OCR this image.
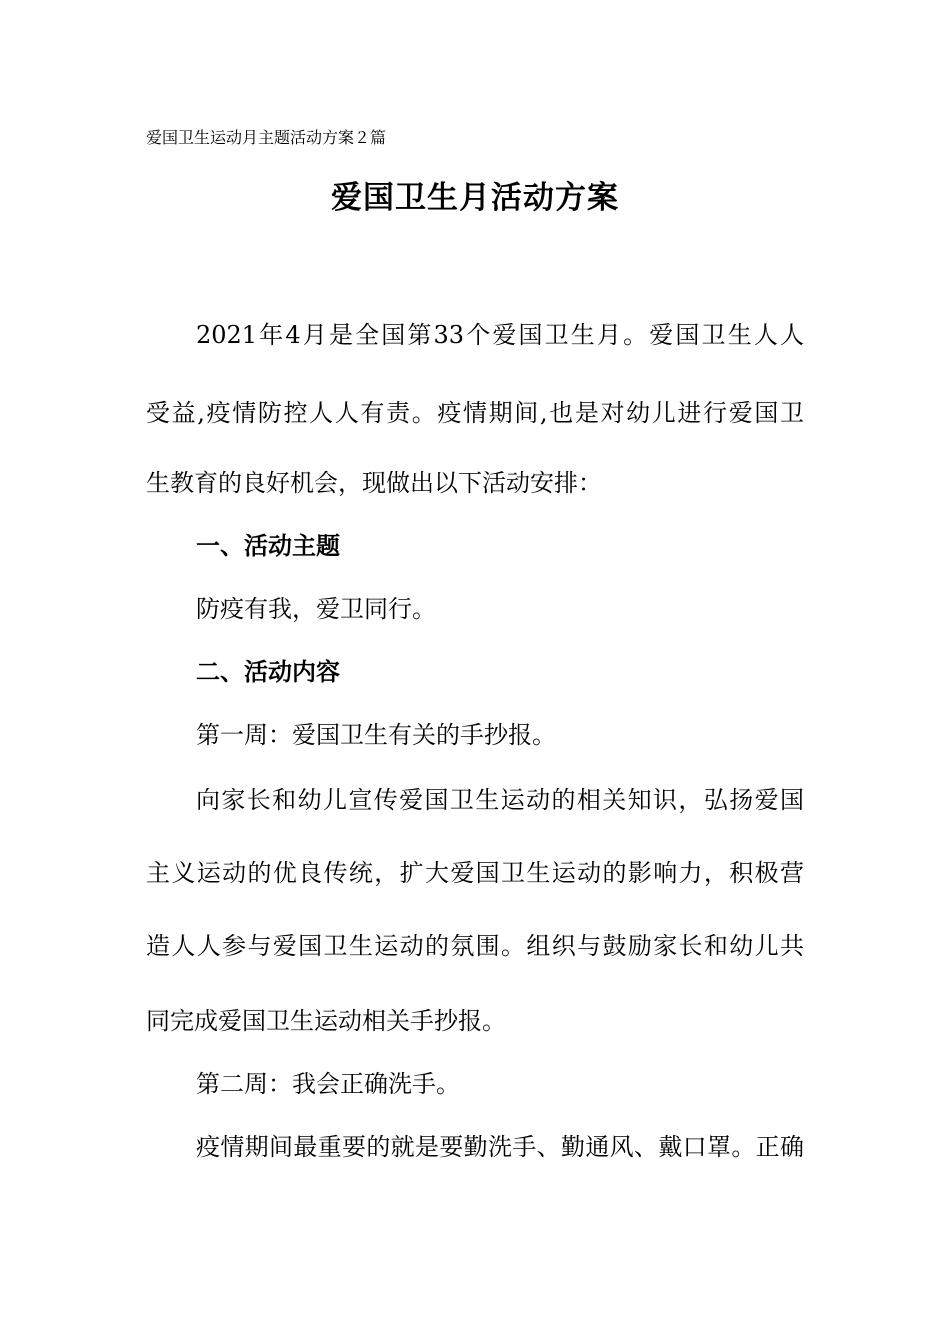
爱国卫生运动月主题活动方案２篇
爱国卫生月活动方案
2021年4月是全国第33个爱国卫生月。爱国卫生人人
受益,疫情防控人人有责。疫情期间,也是对幼儿进行爱国卫
生教育的良好机会，现做出以下活动安排：
一、活动主题
防疫有我，爱卫同行。
二、活动内容
第一周：爱国卫生有关的手抄报。
向家长和幼儿宣传爱国卫生运动的相关知识，弘扬爱国
主义运动的优良传统，扩大爱国卫生运动的影响力，积极营
造人人参与爱国卫生运动的氛围。组织与鼓励家长和幼儿共
同完成爱国卫生运动相关手抄报。
第二周：我会正确洗手。
疫情期间最重要的就是要勤洗手、勤通风、戴口罩。正确
